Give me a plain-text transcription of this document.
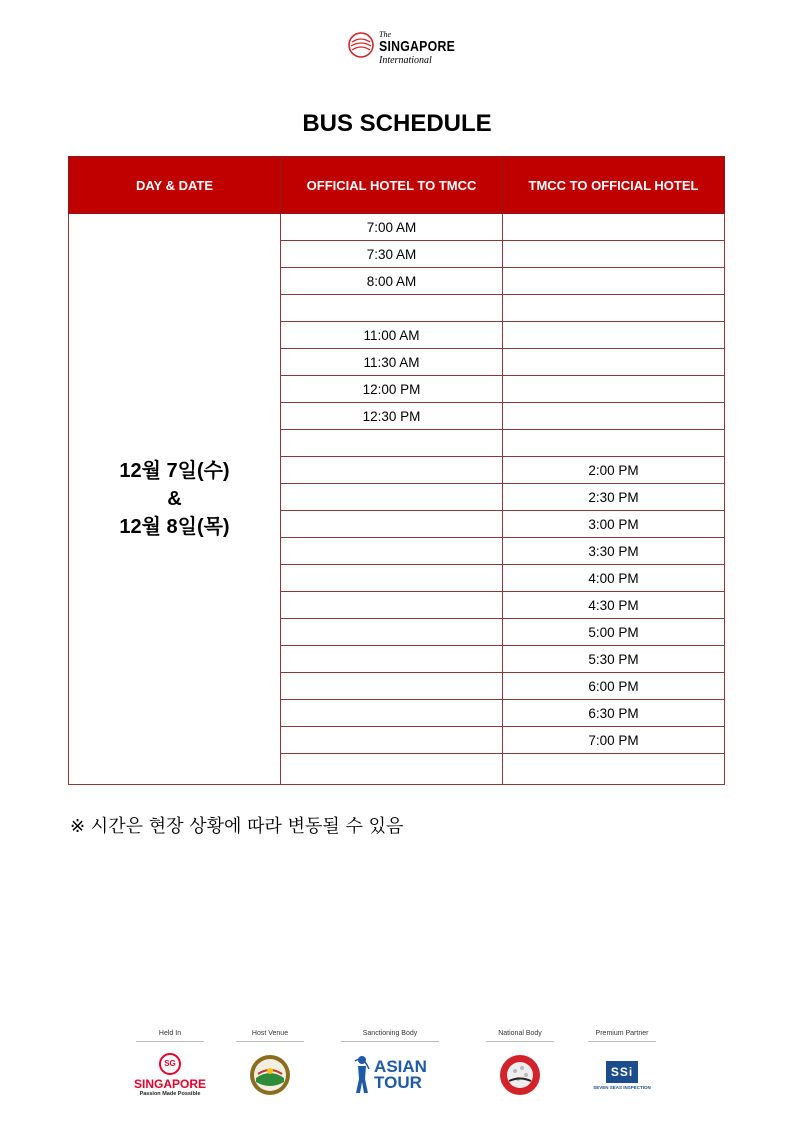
The
SINGAPORE
International
BUS SCHEDULE
DAY & DATE	OFFICIAL HOTEL TO TMCC	TMCC TO OFFICIAL HOTEL

12월 7일(수)
&
12월 8일(목)	7:00 AM	
	7:30 AM	
	8:00 AM	

	11:00 AM	
	11:30 AM	
	12:00 PM	
	12:30 PM	

		2:00 PM
		2:30 PM
		3:00 PM
		3:30 PM
		4:00 PM
		4:30 PM
		5:00 PM
		5:30 PM
		6:00 PM
		6:30 PM
		7:00 PM

※ 시간은 현장 상황에 따라 변동될 수 있음
Held In
SG
SINGAPORE
Passion Made Possible
Host Venue	Sanctioning Body
ASIAN
TOUR
National Body	Premium Partner
SSi
SEVEN SEAS INSPECTION
